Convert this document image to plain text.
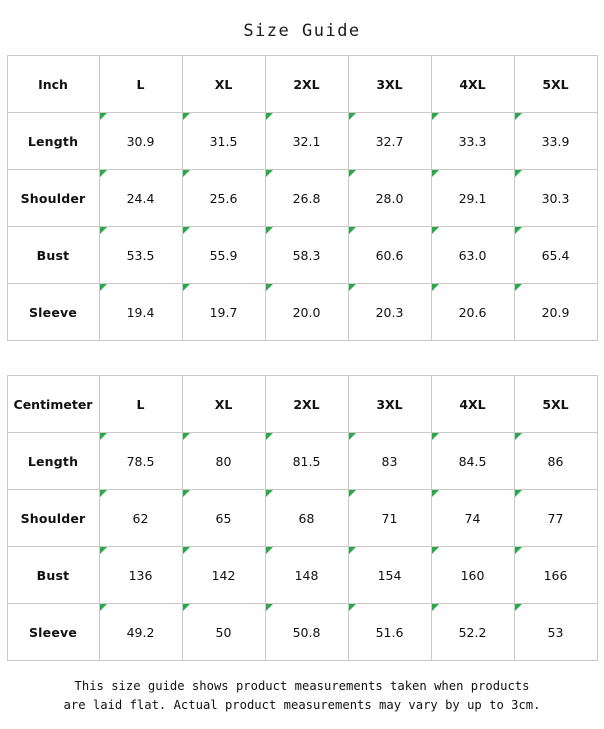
Size Guide
Inch	L	XL	2XL	3XL	4XL	5XL
Length	30.9	31.5	32.1	32.7	33.3	33.9
Shoulder	24.4	25.6	26.8	28.0	29.1	30.3
Bust	53.5	55.9	58.3	60.6	63.0	65.4
Sleeve	19.4	19.7	20.0	20.3	20.6	20.9
Centimeter	L	XL	2XL	3XL	4XL	5XL
Length	78.5	80	81.5	83	84.5	86
Shoulder	62	65	68	71	74	77
Bust	136	142	148	154	160	166
Sleeve	49.2	50	50.8	51.6	52.2	53
This size guide shows product measurements taken when products
are laid flat. Actual product measurements may vary by up to 3cm.
